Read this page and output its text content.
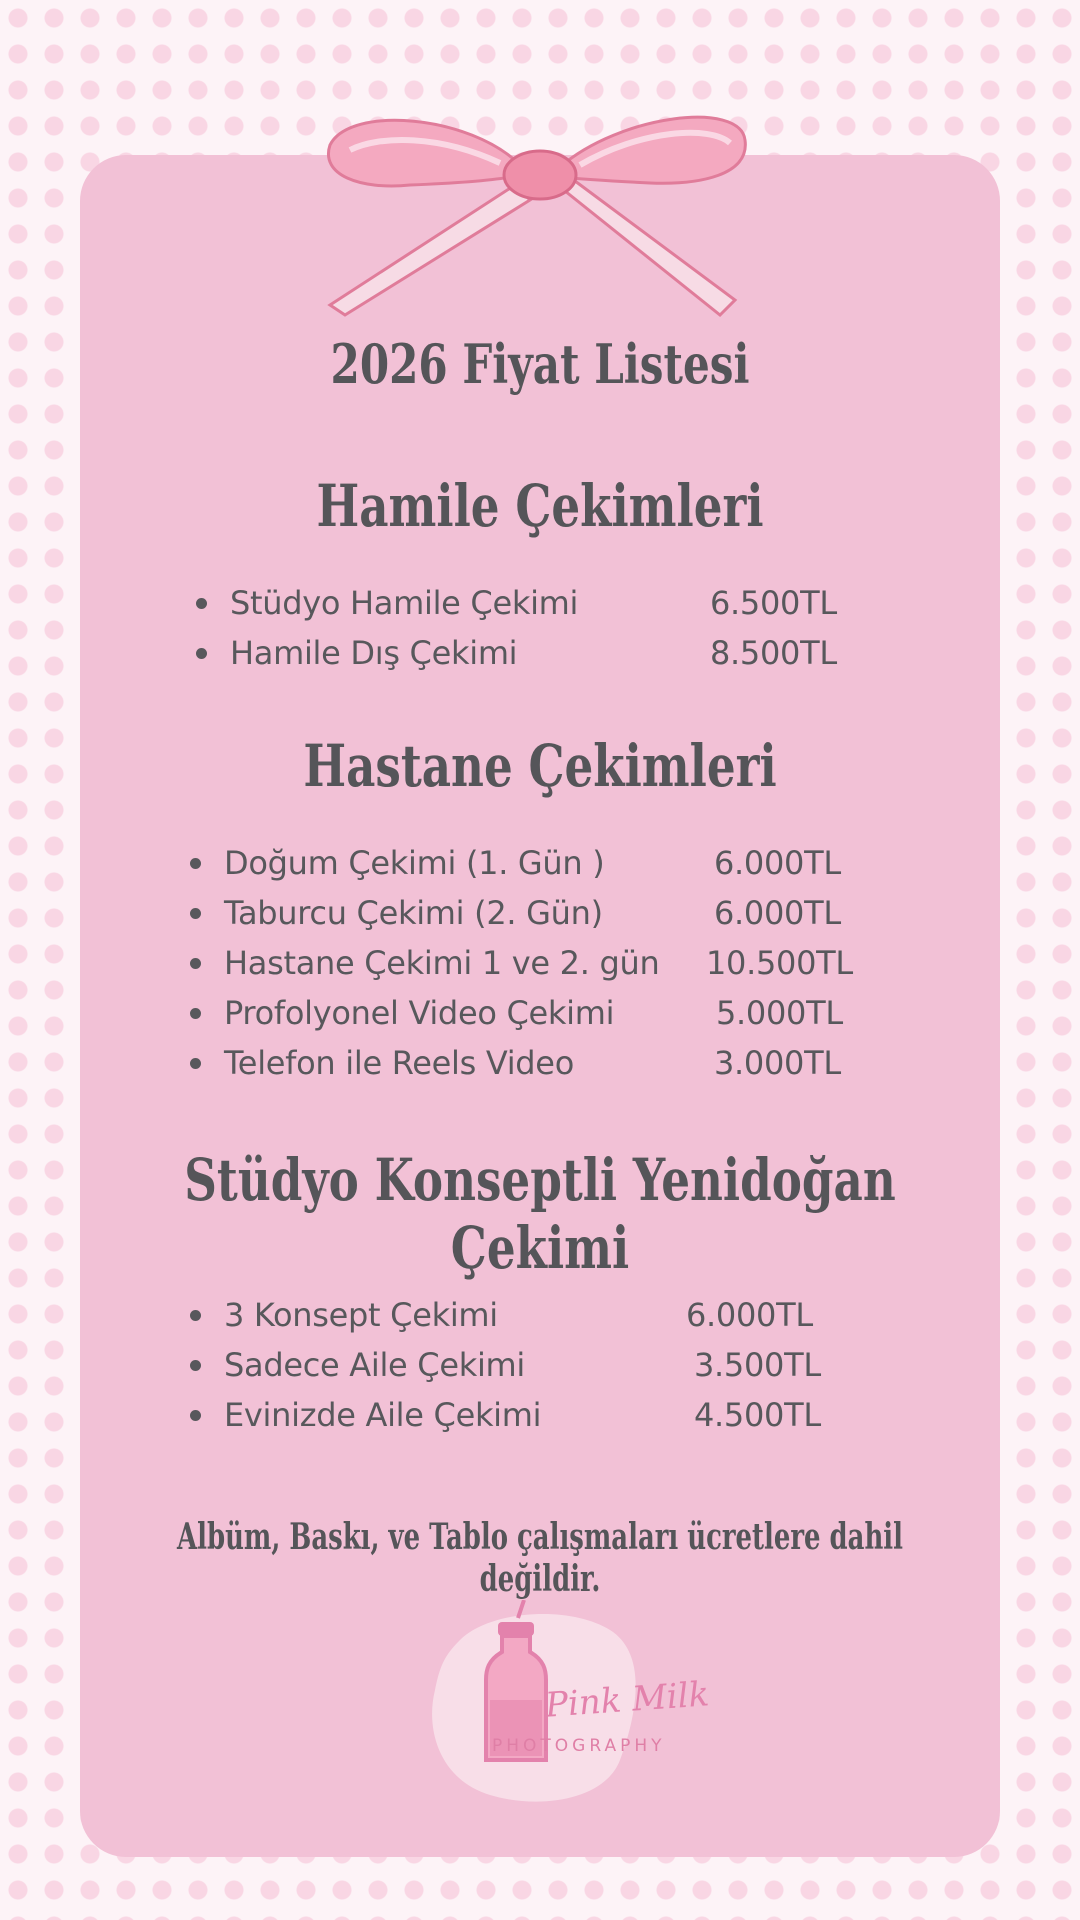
2026 Fiyat Listesi
Hamile Çekimleri
Stüdyo Hamile Çekimi	6.500TL
Hamile Dış Çekimi	8.500TL
Hastane Çekimleri
Doğum Çekimi (1. Gün )	6.000TL
Taburcu Çekimi (2. Gün)	6.000TL
Hastane Çekimi 1 ve 2. gün 10.500TL
Profolyonel Video Çekimi	5.000TL
Telefon ile Reels Video	3.000TL
Stüdyo Konseptli Yenidoğan Çekimi
3 Konsept Çekimi	6.000TL
Sadece Aile Çekimi	3.500TL
Evinizde Aile Çekimi	4.500TL

Albüm, Baskı, ve Tablo çalışmaları ücretlere dahil değildir.

Pink Milk
PHOTOGRAPHY
